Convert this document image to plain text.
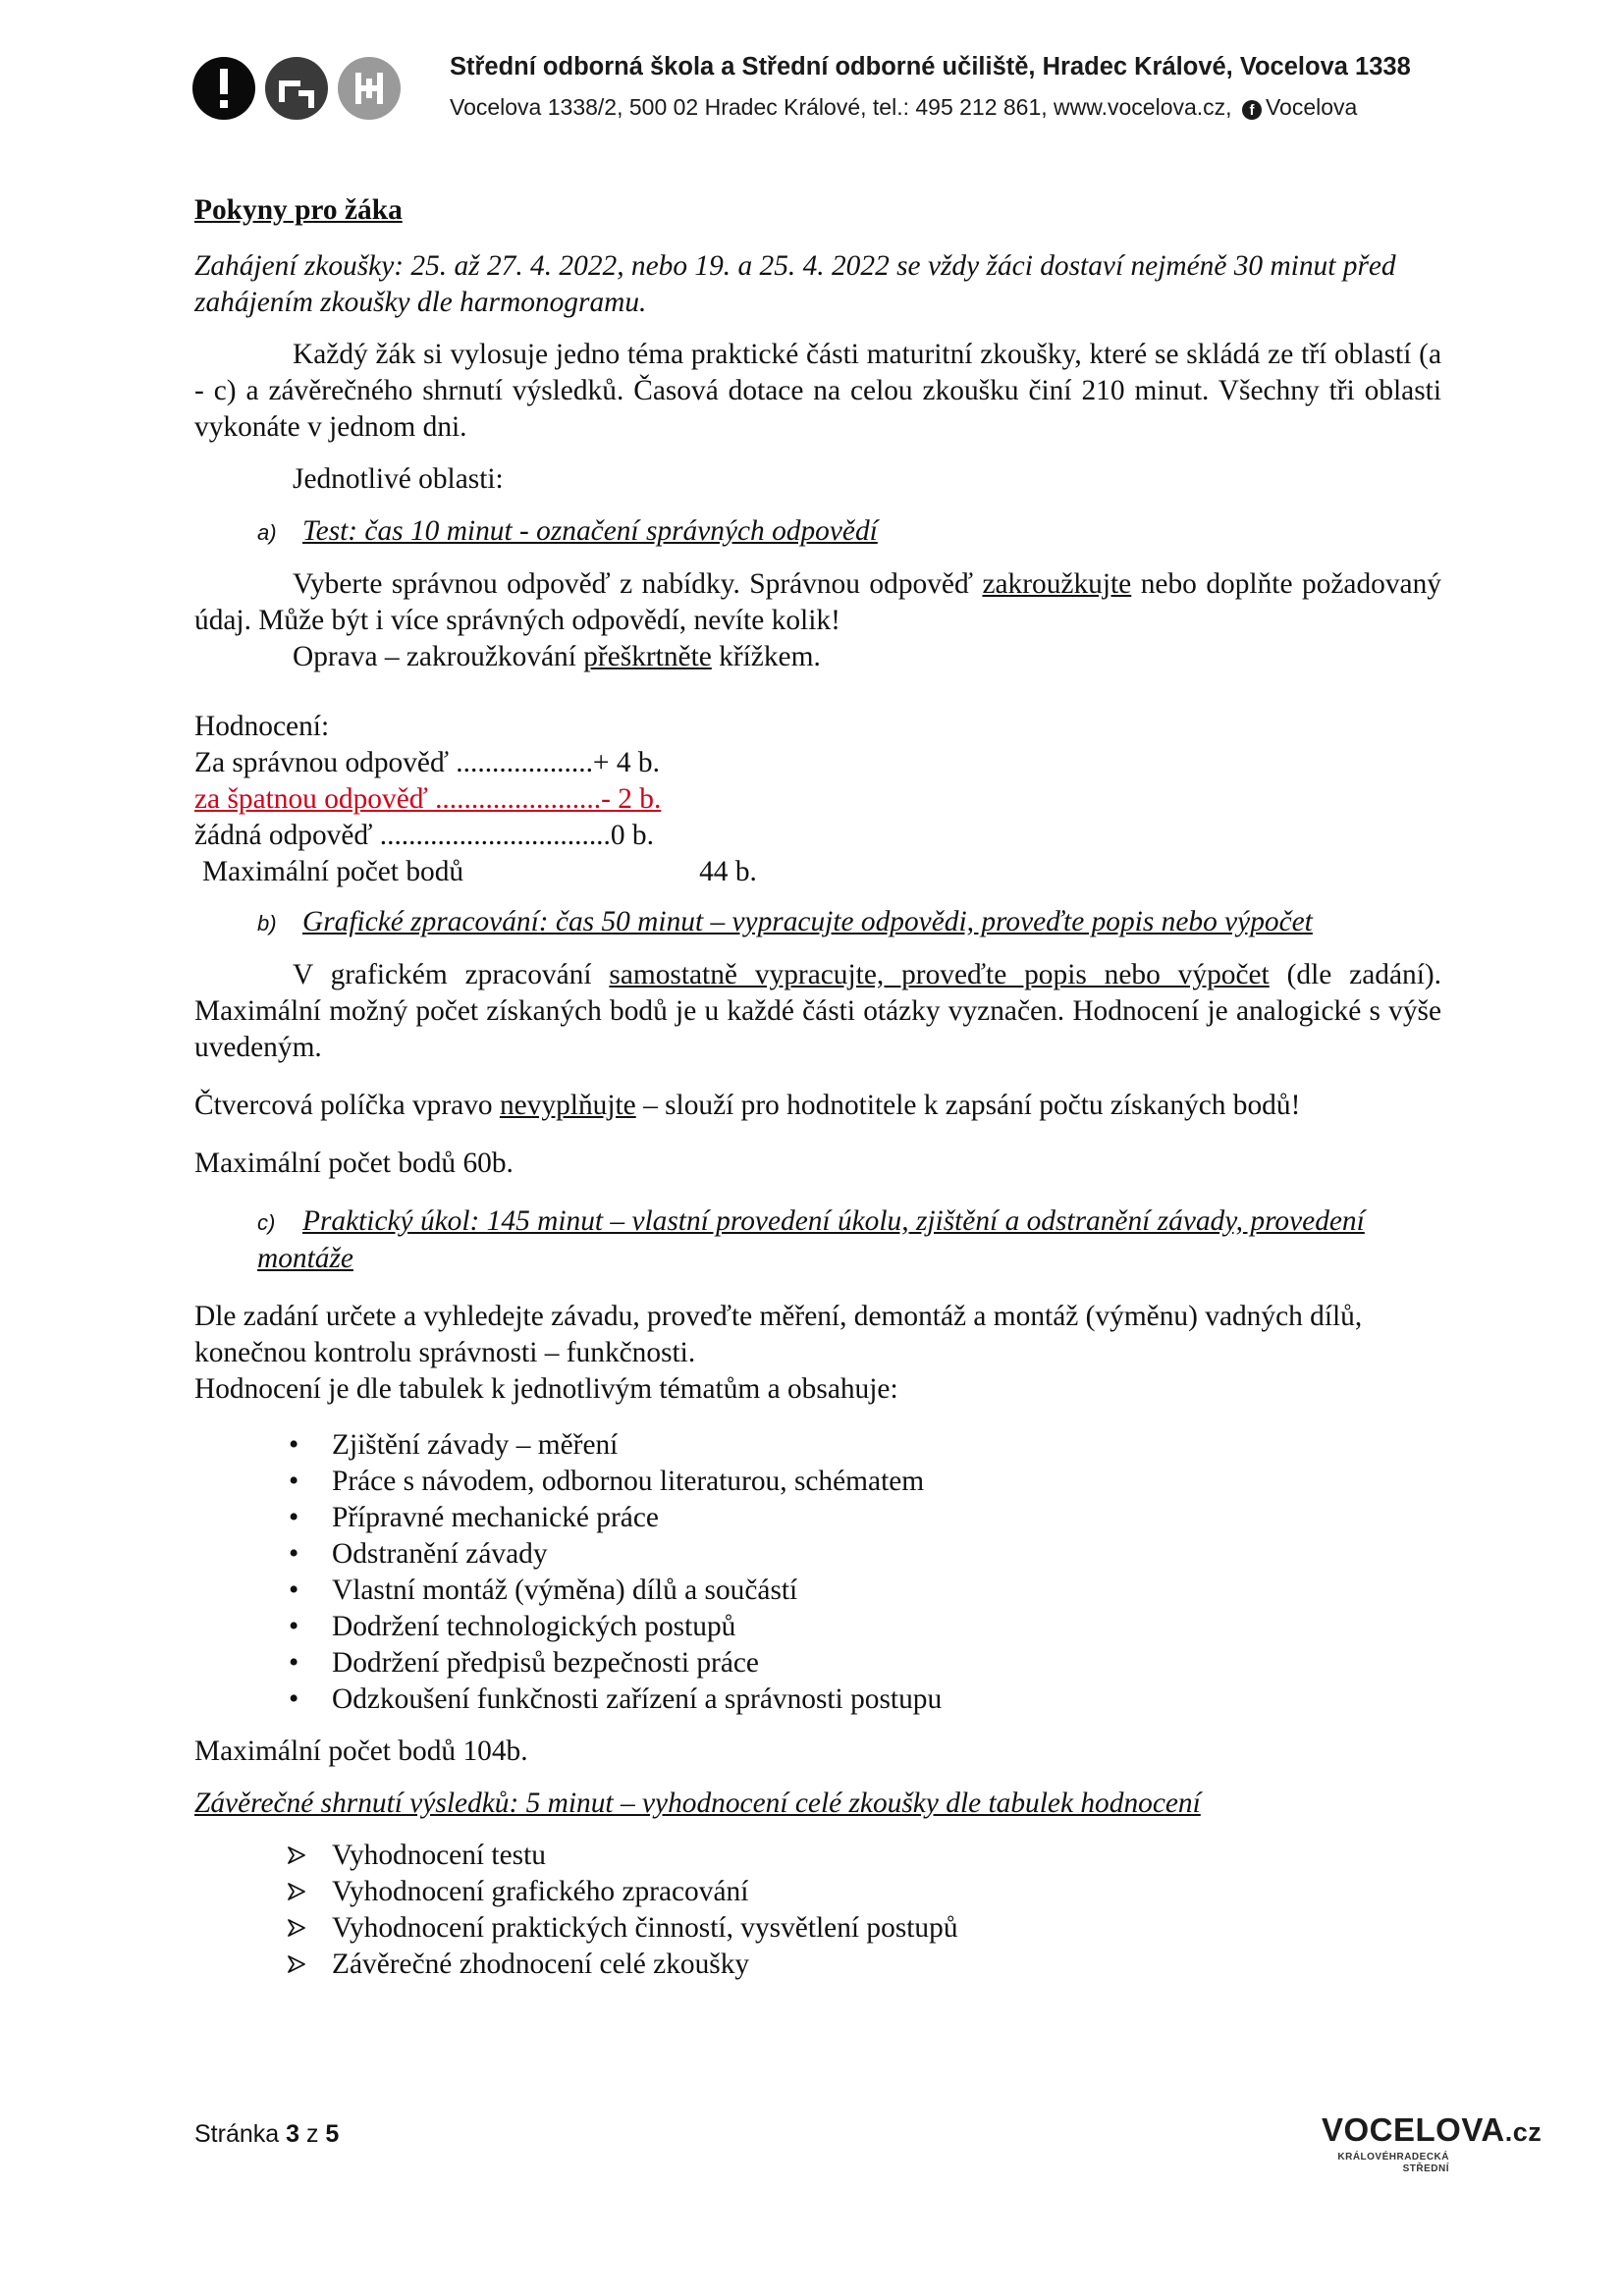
Střední odborná škola a Střední odborné učiliště, Hradec Králové, Vocelova 1338
Vocelova 1338/2, 500 02 Hradec Králové, tel.: 495 212 861, www.vocelova.cz, f Vocelova

Pokyny pro žáka

Zahájení zkoušky: 25. až 27. 4. 2022, nebo 19. a 25. 4. 2022 se vždy žáci dostaví nejméně 30 minut před zahájením zkoušky dle harmonogramu.

Každý žák si vylosuje jedno téma praktické části maturitní zkoušky, které se skládá ze tří oblastí (a - c) a závěrečného shrnutí výsledků. Časová dotace na celou zkoušku činí 210 minut. Všechny tři oblasti vykonáte v jednom dni.

Jednotlivé oblasti:

a) Test: čas 10 minut - označení správných odpovědí

Vyberte správnou odpověď z nabídky. Správnou odpověď zakroužkujte nebo doplňte požadovaný údaj. Může být i více správných odpovědí, nevíte kolik!

Oprava – zakroužkování přeškrtněte křížkem.

Hodnocení:

Za správnou odpověď ...................+ 4 b.

za špatnou odpověď .......................- 2 b.

žádná odpověď ................................0 b.

Maximální počet bodů	44 b.

b) Grafické zpracování: čas 50 minut – vypracujte odpovědi, proveďte popis nebo výpočet

V grafickém zpracování samostatně vypracujte, proveďte popis nebo výpočet (dle zadání). Maximální možný počet získaných bodů je u každé části otázky vyznačen. Hodnocení je analogické s výše uvedeným.

Čtvercová políčka vpravo nevyplňujte – slouží pro hodnotitele k zapsání počtu získaných bodů!

Maximální počet bodů 60b.

c) Praktický úkol: 145 minut – vlastní provedení úkolu, zjištění a odstranění závady, provedení montáže

Dle zadání určete a vyhledejte závadu, proveďte měření, demontáž a montáž (výměnu) vadných dílů, konečnou kontrolu správnosti – funkčnosti.

Hodnocení je dle tabulek k jednotlivým tématům a obsahuje:

• Zjištění závady – měření
• Práce s návodem, odbornou literaturou, schématem
• Přípravné mechanické práce
• Odstranění závady
• Vlastní montáž (výměna) dílů a součástí
• Dodržení technologických postupů
• Dodržení předpisů bezpečnosti práce
• Odzkoušení funkčnosti zařízení a správnosti postupu

Maximální počet bodů 104b.

Závěrečné shrnutí výsledků: 5 minut – vyhodnocení celé zkoušky dle tabulek hodnocení

Vyhodnocení testu
Vyhodnocení grafického zpracování
Vyhodnocení praktických činností, vysvětlení postupů
Závěrečné zhodnocení celé zkoušky
Stránka 3 z 5	VOCELOVA.cz
KRÁLOVÉHRADECKÁ STŘEDNÍ
